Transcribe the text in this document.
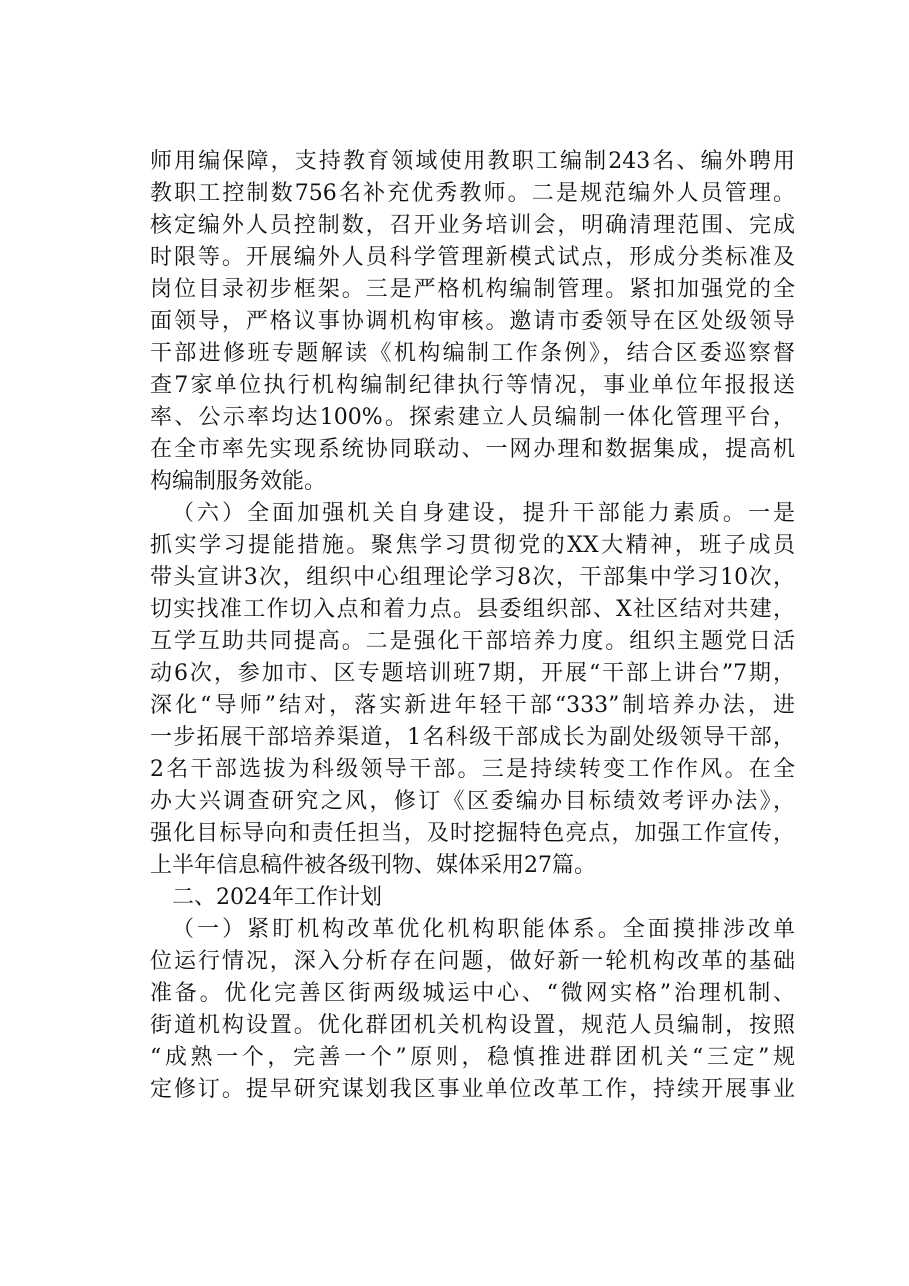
师用编保障，支持教育领域使用教职工编制243名、编外聘用
教职工控制数756名补充优秀教师。二是规范编外人员管理。
核定编外人员控制数，召开业务培训会，明确清理范围、完成
时限等。开展编外人员科学管理新模式试点，形成分类标准及
岗位目录初步框架。三是严格机构编制管理。紧扣加强党的全
面领导，严格议事协调机构审核。邀请市委领导在区处级领导
干部进修班专题解读《机构编制工作条例》，结合区委巡察督
查7家单位执行机构编制纪律执行等情况，事业单位年报报送
率、公示率均达100%。探索建立人员编制一体化管理平台，
在全市率先实现系统协同联动、一网办理和数据集成，提高机
构编制服务效能。
（六）全面加强机关自身建设，提升干部能力素质。一是
抓实学习提能措施。聚焦学习贯彻党的XX大精神，班子成员
带头宣讲3次，组织中心组理论学习8次，干部集中学习10次，
切实找准工作切入点和着力点。县委组织部、X社区结对共建，
互学互助共同提高。二是强化干部培养力度。组织主题党日活
动6次，参加市、区专题培训班7期，开展“干部上讲台”7期，
深化“导师”结对，落实新进年轻干部“333”制培养办法，进
一步拓展干部培养渠道，1名科级干部成长为副处级领导干部，
2名干部选拔为科级领导干部。三是持续转变工作作风。在全
办大兴调查研究之风，修订《区委编办目标绩效考评办法》，
强化目标导向和责任担当，及时挖掘特色亮点，加强工作宣传，
上半年信息稿件被各级刊物、媒体采用27篇。
二、2024年工作计划
（一）紧盯机构改革优化机构职能体系。全面摸排涉改单
位运行情况，深入分析存在问题，做好新一轮机构改革的基础
准备。优化完善区街两级城运中心、“微网实格”治理机制、
街道机构设置。优化群团机关机构设置，规范人员编制，按照
“成熟一个，完善一个”原则，稳慎推进群团机关“三定”规
定修订。提早研究谋划我区事业单位改革工作，持续开展事业
